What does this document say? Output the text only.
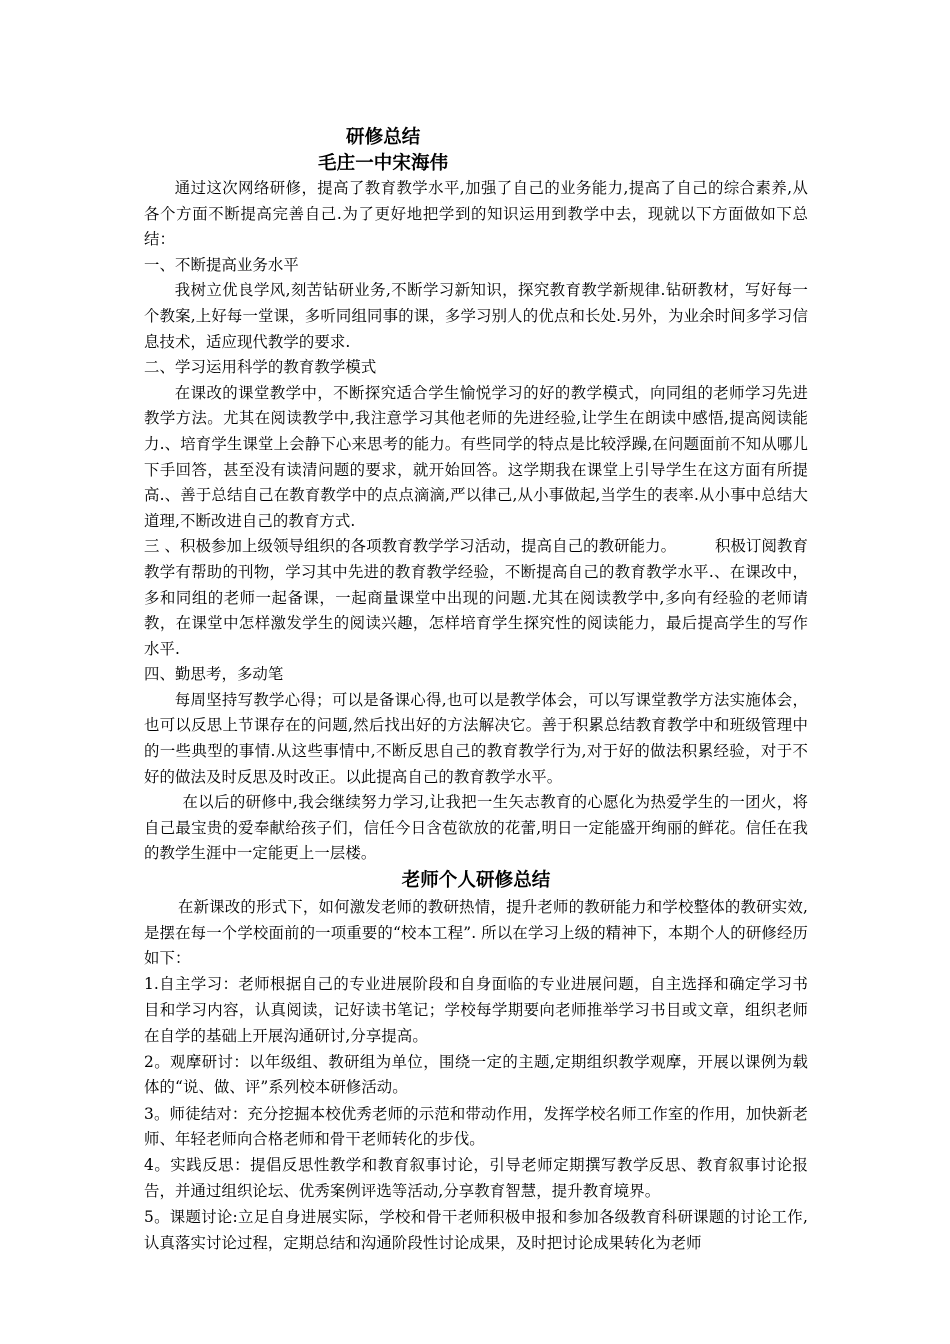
研修总结
毛庄一中宋海伟

通过这次网络研修，提高了教育教学水平,加强了自己的业务能力,提高了自己的综合素养,从各个方面不断提高完善自己.为了更好地把学到的知识运用到教学中去，现就以下方面做如下总结：

一、不断提高业务水平

我树立优良学风,刻苦钻研业务,不断学习新知识，探究教育教学新规律.钻研教材，写好每一个教案,上好每一堂课，多听同组同事的课，多学习别人的优点和长处.另外，为业余时间多学习信息技术，适应现代教学的要求.

二、学习运用科学的教育教学模式

在课改的课堂教学中，不断探究适合学生愉悦学习的好的教学模式，向同组的老师学习先进教学方法。尤其在阅读教学中,我注意学习其他老师的先进经验,让学生在朗读中感悟,提高阅读能力.、培育学生课堂上会静下心来思考的能力。有些同学的特点是比较浮躁,在问题面前不知从哪儿下手回答，甚至没有读清问题的要求，就开始回答。这学期我在课堂上引导学生在这方面有所提高.、善于总结自己在教育教学中的点点滴滴,严以律己,从小事做起,当学生的表率.从小事中总结大道理,不断改进自己的教育方式.

三 、积极参加上级领导组织的各项教育教学学习活动，提高自己的教研能力。　　　积极订阅教育教学有帮助的刊物，学习其中先进的教育教学经验，不断提高自己的教育教学水平.、在课改中，多和同组的老师一起备课，一起商量课堂中出现的问题.尤其在阅读教学中,多向有经验的老师请教，在课堂中怎样激发学生的阅读兴趣，怎样培育学生探究性的阅读能力，最后提高学生的写作水平.

四、勤思考，多动笔

每周坚持写教学心得；可以是备课心得,也可以是教学体会，可以写课堂教学方法实施体会，也可以反思上节课存在的问题,然后找出好的方法解决它。善于积累总结教育教学中和班级管理中的一些典型的事情.从这些事情中,不断反思自己的教育教学行为,对于好的做法积累经验，对于不好的做法及时反思及时改正。以此提高自己的教育教学水平。

在以后的研修中,我会继续努力学习,让我把一生矢志教育的心愿化为热爱学生的一团火，将自己最宝贵的爱奉献给孩子们，信任今日含苞欲放的花蕾,明日一定能盛开绚丽的鲜花。信任在我的教学生涯中一定能更上一层楼。

老师个人研修总结

在新课改的形式下，如何激发老师的教研热情，提升老师的教研能力和学校整体的教研实效,是摆在每一个学校面前的一项重要的“校本工程”. 所以在学习上级的精神下，本期个人的研修经历如下：

1.自主学习：老师根据自己的专业进展阶段和自身面临的专业进展问题，自主选择和确定学习书目和学习内容，认真阅读，记好读书笔记；学校每学期要向老师推举学习书目或文章，组织老师在自学的基础上开展沟通研讨,分享提高。

2。观摩研讨：以年级组、教研组为单位，围绕一定的主题,定期组织教学观摩，开展以课例为载体的“说、做、评”系列校本研修活动。

3。师徒结对：充分挖掘本校优秀老师的示范和带动作用，发挥学校名师工作室的作用，加快新老师、年轻老师向合格老师和骨干老师转化的步伐。

4。实践反思：提倡反思性教学和教育叙事讨论，引导老师定期撰写教学反思、教育叙事讨论报告，并通过组织论坛、优秀案例评选等活动,分享教育智慧，提升教育境界。

5。课题讨论:立足自身进展实际，学校和骨干老师积极申报和参加各级教育科研课题的讨论工作,认真落实讨论过程，定期总结和沟通阶段性讨论成果，及时把讨论成果转化为老师
